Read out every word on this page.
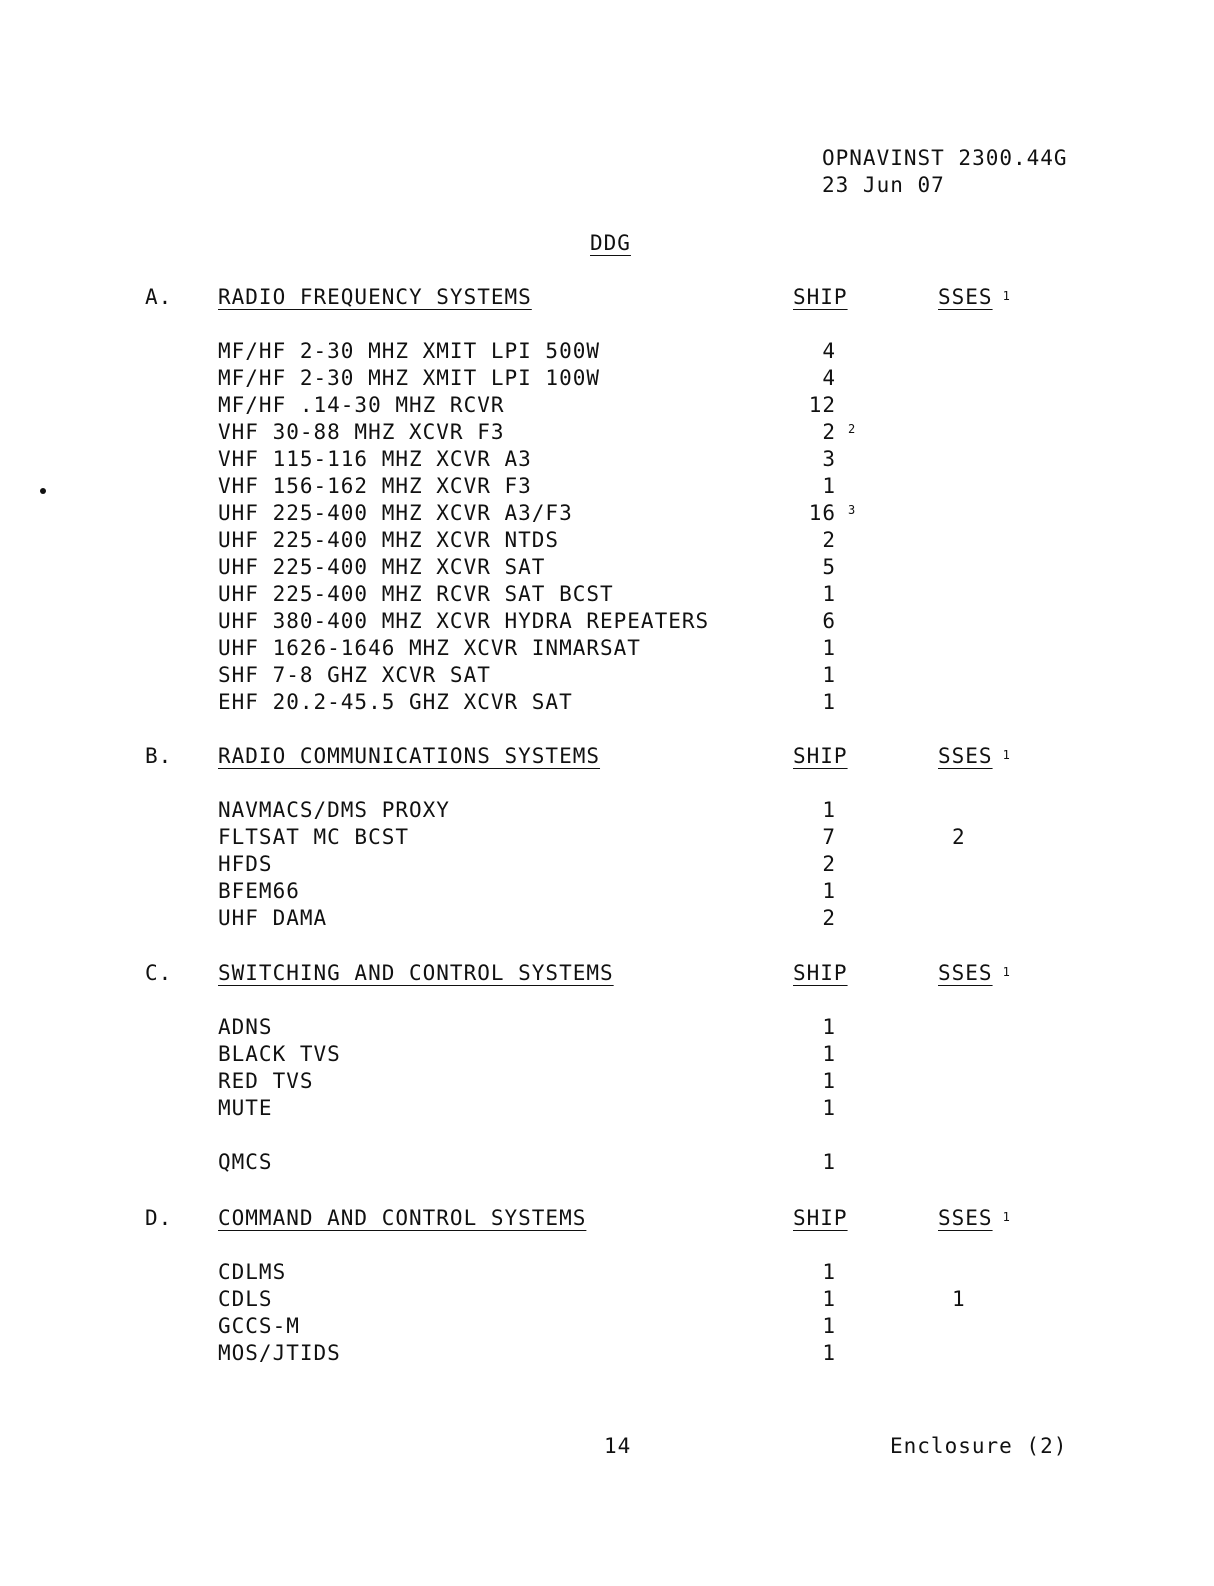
OPNAVINST 2300.44G
23 Jun 07
DDG
A. RADIO FREQUENCY SYSTEMS	SHIP	SSES $^1$
MF/HF 2-30 MHZ XMIT LPI 500W	4
MF/HF 2-30 MHZ XMIT LPI 100W	4
MF/HF .14-30 MHZ RCVR	12
VHF 30-88 MHZ XCVR F3	2 2
VHF 115-116 MHZ XCVR A3	3
VHF 156-162 MHZ XCVR F3	1
UHF 225-400 MHZ XCVR A3/F3	16 3
UHF 225-400 MHZ XCVR NTDS	2
UHF 225-400 MHZ XCVR SAT	5
UHF 225-400 MHZ RCVR SAT BCST	1
UHF 380-400 MHZ XCVR HYDRA REPEATERS	6
UHF 1626-1646 MHZ XCVR INMARSAT	1
SHF 7-8 GHZ XCVR SAT	1
EHF 20.2-45.5 GHZ XCVR SAT	1
B. RADIO COMMUNICATIONS SYSTEMS	SHIP	SSES $^1$
NAVMACS/DMS PROXY	1
FLTSAT MC BCST	7	2
HFDS	2
BFEM66	1
UHF DAMA	2
C. SWITCHING AND CONTROL SYSTEMS	SHIP	SSES $^1$
ADNS	1
BLACK TVS	1
RED TVS	1
MUTE	1
QMCS	1
D. COMMAND AND CONTROL SYSTEMS	SHIP	SSES $^1$
CDLMS	1
CDLS	1	1
GCCS-M	1
MOS/JTIDS	1
14	Enclosure (2)
